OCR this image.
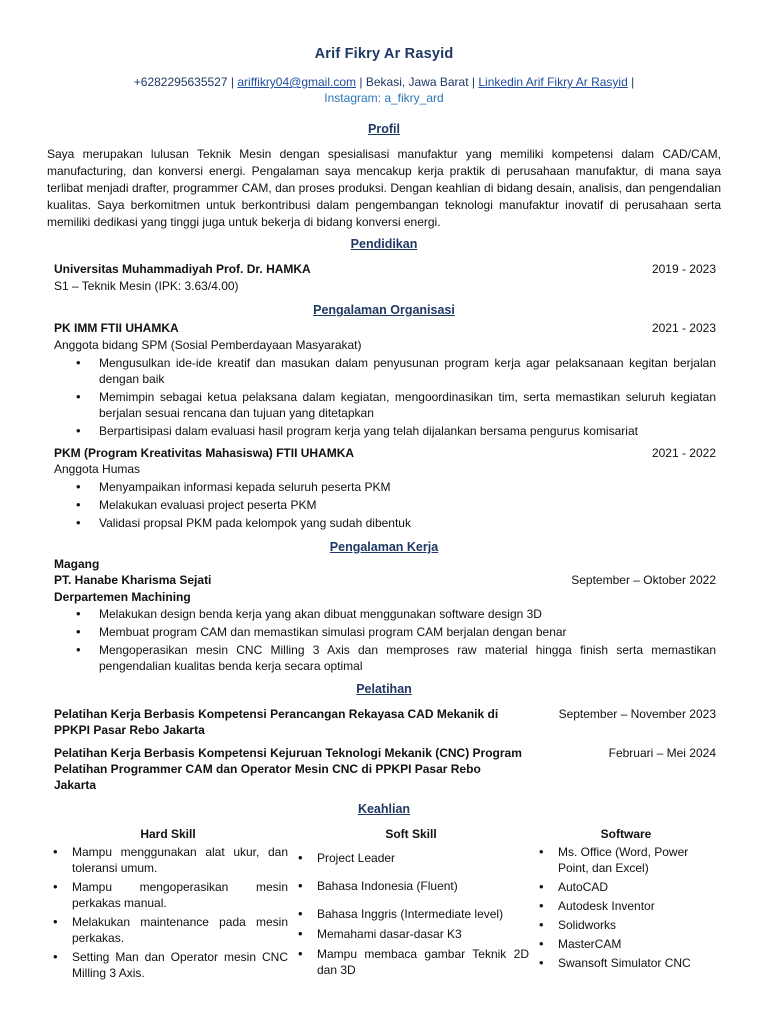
Arif Fikry Ar Rasyid
+6282295635527 | ariffikry04@gmail.com | Bekasi, Jawa Barat | Linkedin Arif Fikry Ar Rasyid |
Instagram: a_fikry_ard
Profil
Saya merupakan lulusan Teknik Mesin dengan spesialisasi manufaktur yang memiliki kompetensi dalam CAD/CAM, manufacturing, dan konversi energi. Pengalaman saya mencakup kerja praktik di perusahaan manufaktur, di mana saya terlibat menjadi drafter, programmer CAM, dan proses produksi. Dengan keahlian di bidang desain, analisis, dan pengendalian kualitas. Saya berkomitmen untuk berkontribusi dalam pengembangan teknologi manufaktur inovatif di perusahaan serta memiliki dedikasi yang tinggi juga untuk bekerja di bidang konversi energi.
Pendidikan
Universitas Muhammadiyah Prof. Dr. HAMKA	2019 - 2023
S1 – Teknik Mesin (IPK: 3.63/4.00)
Pengalaman Organisasi
PK IMM FTII UHAMKA	2021 - 2023
Anggota bidang SPM (Sosial Pemberdayaan Masyarakat)
• Mengusulkan ide-ide kreatif dan masukan dalam penyusunan program kerja agar pelaksanaan kegitan berjalan dengan baik
• Memimpin sebagai ketua pelaksana dalam kegiatan, mengoordinasikan tim, serta memastikan seluruh kegiatan berjalan sesuai rencana dan tujuan yang ditetapkan
• Berpartisipasi dalam evaluasi hasil program kerja yang telah dijalankan bersama pengurus komisariat
PKM (Program Kreativitas Mahasiswa) FTII UHAMKA	2021 - 2022
Anggota Humas
• Menyampaikan informasi kepada seluruh peserta PKM
• Melakukan evaluasi project peserta PKM
• Validasi propsal PKM pada kelompok yang sudah dibentuk
Pengalaman Kerja
Magang
PT. Hanabe Kharisma Sejati	September – Oktober 2022
Derpartemen Machining
• Melakukan design benda kerja yang akan dibuat menggunakan software design 3D
• Membuat program CAM dan memastikan simulasi program CAM berjalan dengan benar
• Mengoperasikan mesin CNC Milling 3 Axis dan memproses raw material hingga finish serta memastikan pengendalian kualitas benda kerja secara optimal
Pelatihan
Pelatihan Kerja Berbasis Kompetensi Perancangan Rekayasa CAD Mekanik di PPKPI Pasar Rebo Jakarta
September – November 2023
Pelatihan Kerja Berbasis Kompetensi Kejuruan Teknologi Mekanik (CNC) Program Pelatihan Programmer CAM dan Operator Mesin CNC di PPKPI Pasar Rebo Jakarta
Februari – Mei 2024
Keahlian
Hard Skill
• Mampu menggunakan alat ukur, dan toleransi umum.
• Mampu mengoperasikan mesin perkakas manual.
• Melakukan maintenance pada mesin perkakas.
• Setting Man dan Operator mesin CNC Milling 3 Axis.
Soft Skill
• Project Leader
• Bahasa Indonesia (Fluent)
• Bahasa Inggris (Intermediate level)
• Memahami dasar-dasar K3
• Mampu membaca gambar Teknik 2D dan 3D
Software
• Ms. Office (Word, Power Point, dan Excel)
• AutoCAD
• Autodesk Inventor
• Solidworks
• MasterCAM
• Swansoft Simulator CNC
